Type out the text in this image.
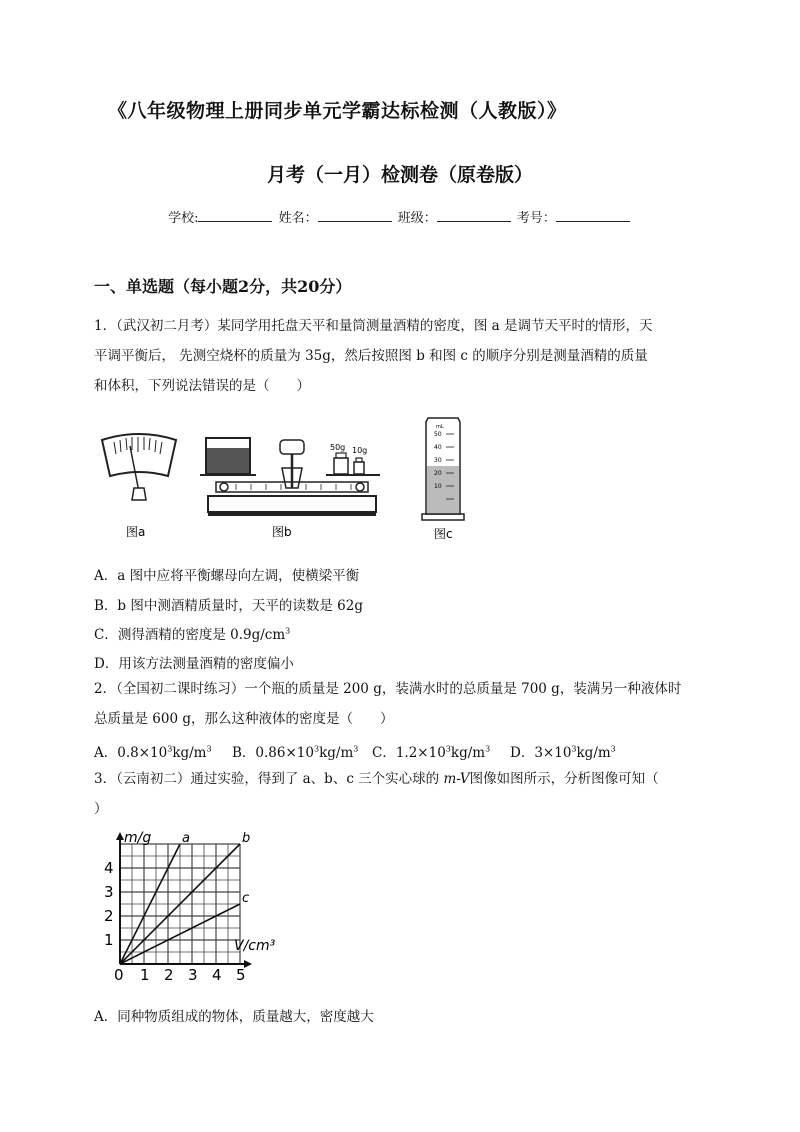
《八年级物理上册同步单元学霸达标检测（人教版）》
月考（一月）检测卷（原卷版）
学校:	姓名：	班级：	考号：
一、单选题（每小题2分，共20分）
1．（武汉初二月考）某同学用托盘天平和量筒测量酒精的密度，图 a 是调节天平时的情形，天
平调平衡后， 先测空烧杯的质量为 35g，然后按照图 b 和图 c 的顺序分别是测量酒精的质量
和体积，下列说法错误的是（　　）
图a
50g 10g
图b
mL
50
40
30
20
10
图c
A．a 图中应将平衡螺母向左调，使横梁平衡
B．b 图中测酒精质量时，天平的读数是 62g
C．测得酒精的密度是 $0.9g/cm^3$
D．用该方法测量酒精的密度偏小
2．（全国初二课时练习）一个瓶的质量是 200 g，装满水时的总质量是 700 g，装满另一种液体时
总质量是 600 g，那么这种液体的密度是（　　）
A．$0.8\times 10^3kg/m^3$ B．$0.86\times 10^3kg/m^3$ C．$1.2\times 10^3kg/m^3$ D．$3\times 10^3kg/m^3$
3．（云南初二）通过实验，得到了 a、b、c 三个实心球的 m-V图像如图所示，分析图像可知（
）
a	b
c
0 1 2 3 4 5
1
2
3
4
m/g
V/cm³
A．同种物质组成的物体，质量越大，密度越大
